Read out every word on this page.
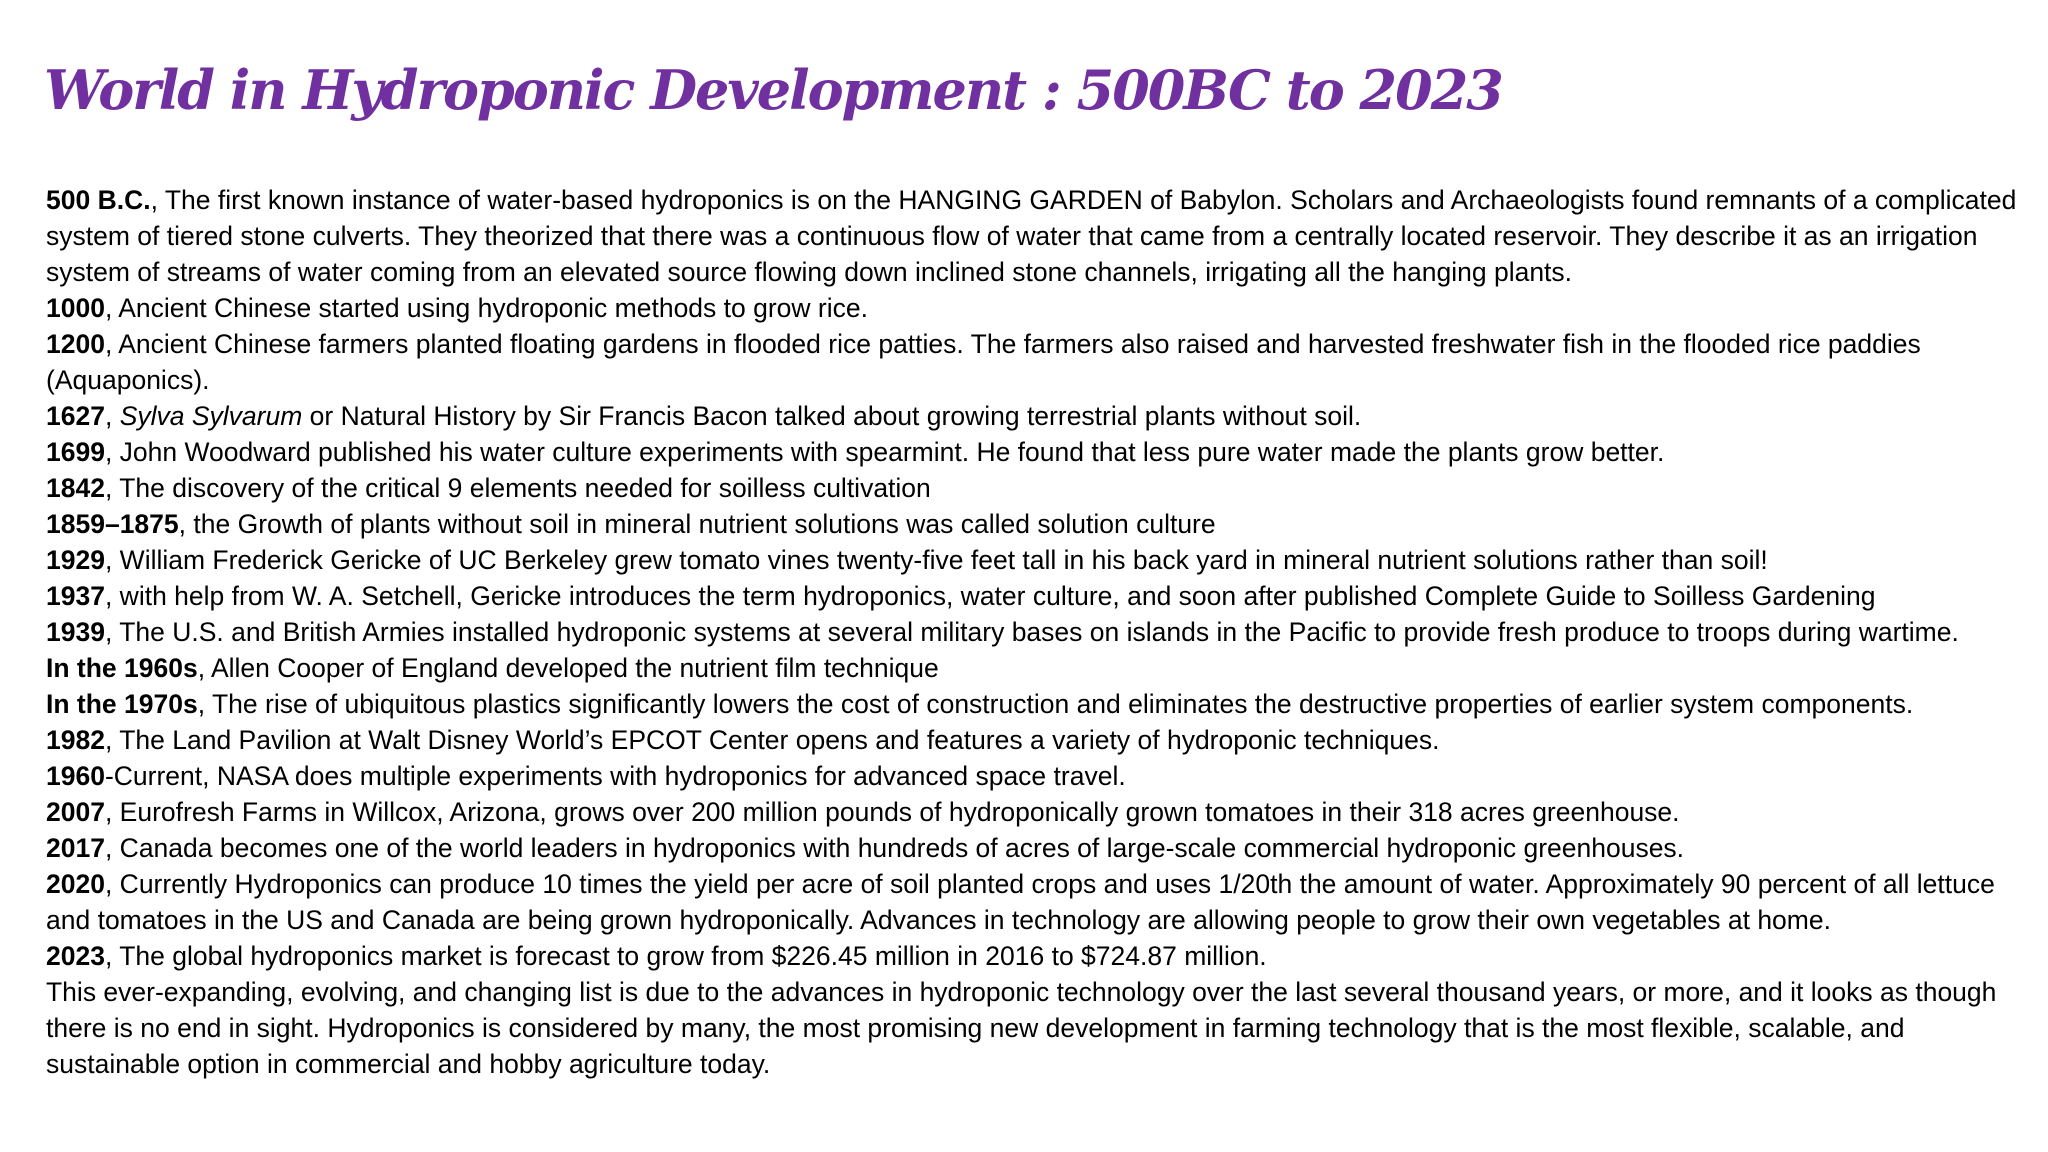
World in Hydroponic Development : 500BC to 2023

500 B.C., The first known instance of water-based hydroponics is on the HANGING GARDEN of Babylon. Scholars and Archaeologists found remnants of a complicated system of tiered stone culverts. They theorized that there was a continuous flow of water that came from a centrally located reservoir. They describe it as an irrigation system of streams of water coming from an elevated source flowing down inclined stone channels, irrigating all the hanging plants.

1000, Ancient Chinese started using hydroponic methods to grow rice.

1200, Ancient Chinese farmers planted floating gardens in flooded rice patties. The farmers also raised and harvested freshwater fish in the flooded rice paddies (Aquaponics).

1627, Sylva Sylvarum or Natural History by Sir Francis Bacon talked about growing terrestrial plants without soil.

1699, John Woodward published his water culture experiments with spearmint. He found that less pure water made the plants grow better.

1842, The discovery of the critical 9 elements needed for soilless cultivation

1859–1875, the Growth of plants without soil in mineral nutrient solutions was called solution culture

1929, William Frederick Gericke of UC Berkeley grew tomato vines twenty-five feet tall in his back yard in mineral nutrient solutions rather than soil!

1937, with help from W. A. Setchell, Gericke introduces the term hydroponics, water culture, and soon after published Complete Guide to Soilless Gardening

1939, The U.S. and British Armies installed hydroponic systems at several military bases on islands in the Pacific to provide fresh produce to troops during wartime.

In the 1960s, Allen Cooper of England developed the nutrient film technique

In the 1970s, The rise of ubiquitous plastics significantly lowers the cost of construction and eliminates the destructive properties of earlier system components.

1982, The Land Pavilion at Walt Disney World’s EPCOT Center opens and features a variety of hydroponic techniques.

1960-Current, NASA does multiple experiments with hydroponics for advanced space travel.

2007, Eurofresh Farms in Willcox, Arizona, grows over 200 million pounds of hydroponically grown tomatoes in their 318 acres greenhouse.

2017, Canada becomes one of the world leaders in hydroponics with hundreds of acres of large-scale commercial hydroponic greenhouses.

2020, Currently Hydroponics can produce 10 times the yield per acre of soil planted crops and uses 1/20th the amount of water. Approximately 90 percent of all lettuce and tomatoes in the US and Canada are being grown hydroponically. Advances in technology are allowing people to grow their own vegetables at home.

2023, The global hydroponics market is forecast to grow from $226.45 million in 2016 to $724.87 million.

This ever-expanding, evolving, and changing list is due to the advances in hydroponic technology over the last several thousand years, or more, and it looks as though there is no end in sight. Hydroponics is considered by many, the most promising new development in farming technology that is the most flexible, scalable, and sustainable option in commercial and hobby agriculture today.
